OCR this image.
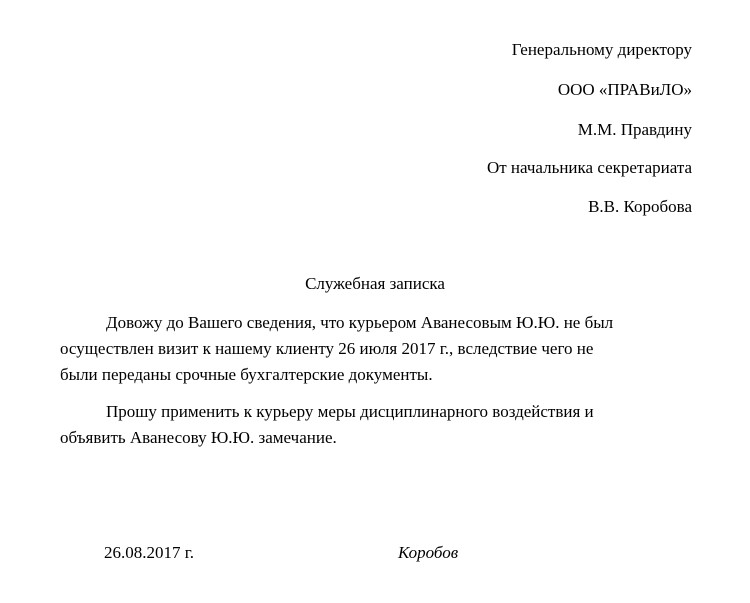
Генеральному директору
ООО «ПРАВиЛО»
М.М. Правдину
От начальника секретариата
В.В. Коробова
Служебная записка
Довожу до Вашего сведения, что курьером Аванесовым Ю.Ю. не был
осуществлен визит к нашему клиенту 26 июля 2017 г., вследствие чего не
были переданы срочные бухгалтерские документы.
Прошу применить к курьеру меры дисциплинарного воздействия и
объявить Аванесову Ю.Ю. замечание.
26.08.2017 г.	Коробов
